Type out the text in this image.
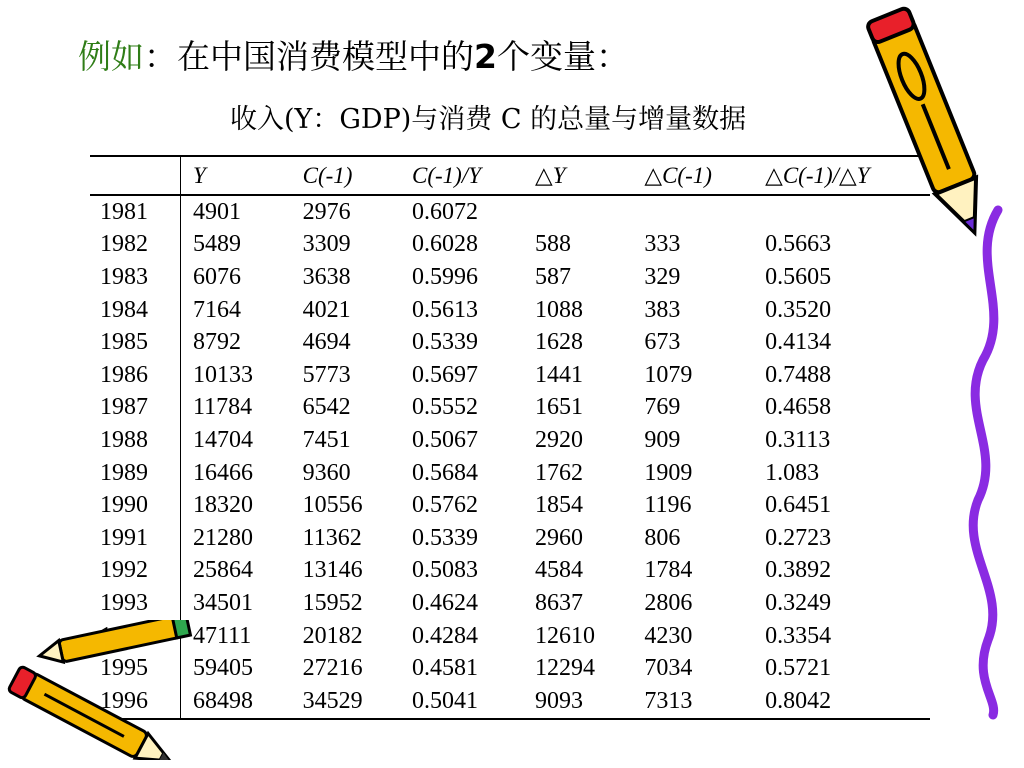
例如：在中国消费模型中的2个变量：
收入(Y：GDP)与消费 C 的总量与增量数据
	Y	C(-1)	C(-1)/Y	△Y	△C(-1)	△C(-1)/△Y
1981	4901	2976	0.6072			
1982	5489	3309	0.6028	588	333	0.5663
1983	6076	3638	0.5996	587	329	0.5605
1984	7164	4021	0.5613	1088	383	0.3520
1985	8792	4694	0.5339	1628	673	0.4134
1986	10133	5773	0.5697	1441	1079	0.7488
1987	11784	6542	0.5552	1651	769	0.4658
1988	14704	7451	0.5067	2920	909	0.3113
1989	16466	9360	0.5684	1762	1909	1.083
1990	18320	10556	0.5762	1854	1196	0.6451
1991	21280	11362	0.5339	2960	806	0.2723
1992	25864	13146	0.5083	4584	1784	0.3892
1993	34501	15952	0.4624	8637	2806	0.3249
	47111	20182	0.4284	12610	4230	0.3354
1995	59405	27216	0.4581	12294	7034	0.5721
1996	68498	34529	0.5041	9093	7313	0.8042
